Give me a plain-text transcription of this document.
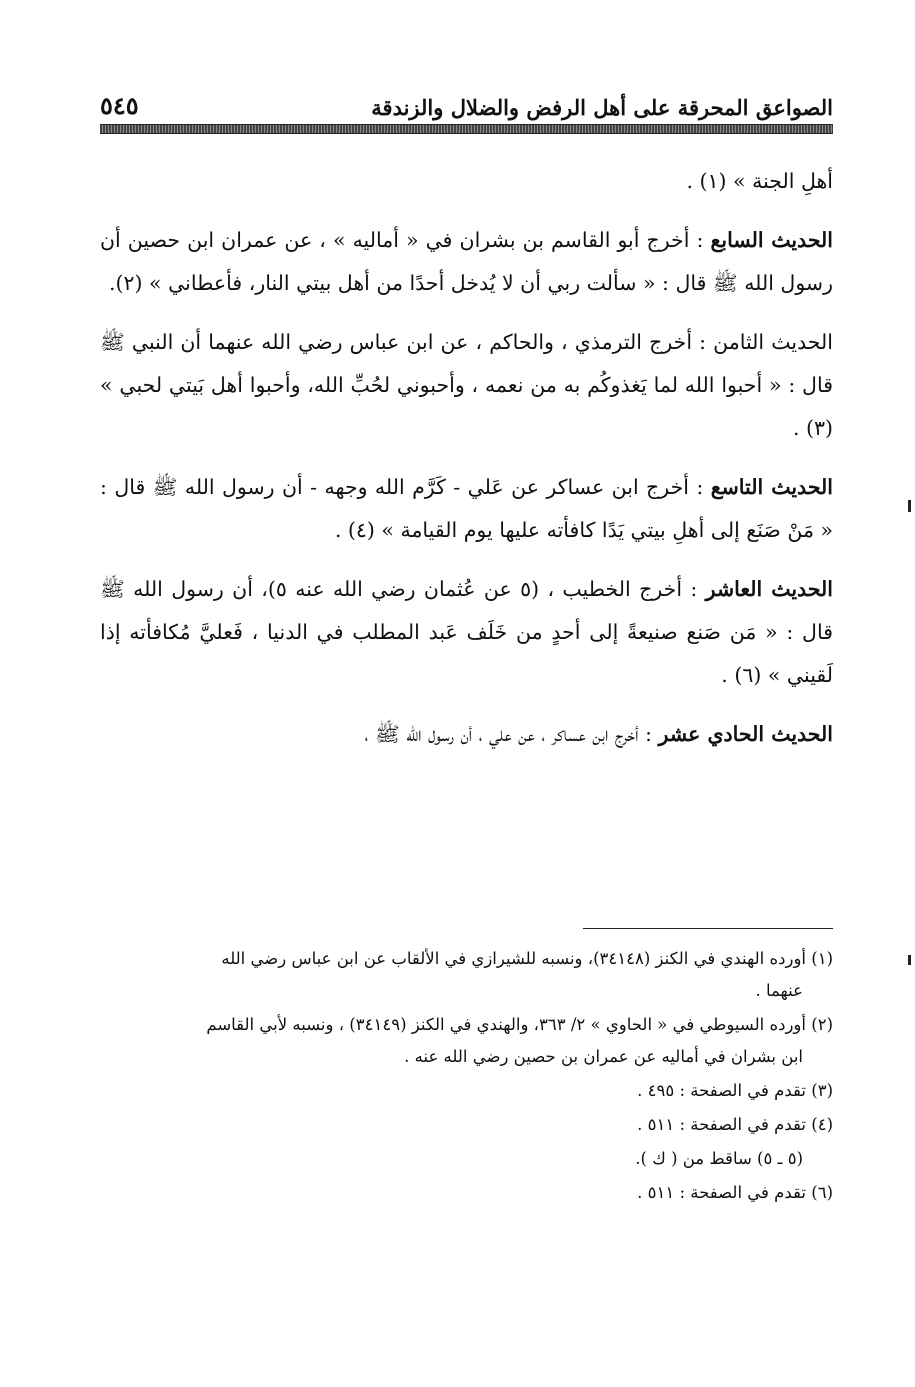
الصواعق المحرقة على أهل الرفض والضلال والزندقة
٥٤٥

أهلِ الجنة » (١) .

الحديث السابع : أخرج أبو القاسم بن بشران في « أماليه » ، عن عمران ابن حصين أن رسول الله ﷺ قال : « سألت ربي أن لا يُدخل أحدًا من أهل بيتي النار، فأعطاني » (٢).

الحديث الثامن : أخرج الترمذي ، والحاكم ، عن ابن عباس رضي الله عنهما أن النبي ﷺ قال : « أحبوا الله لما يَغذوكُم به من نعمه ، وأحبوني لحُبِّ الله، وأحبوا أهل بَيتي لحبي » (٣) .

الحديث التاسع : أخرج ابن عساكر عن عَلي - كَرَّم الله وجهه - أن رسول الله ﷺ قال : « مَنْ صَنَع إلى أهلِ بيتي يَدًا كافأته عليها يوم القيامة » (٤) .

الحديث العاشر : أخرج الخطيب ، (٥ عن عُثمان رضي الله عنه ٥)، أن رسول الله ﷺ قال : « مَن صَنع صنيعةً إلى أحدٍ من خَلَف عَبد المطلب في الدنيا ، فَعليَّ مُكافأته إذا لَقيني » (٦) .

الحديث الحادي عشر : أخرج ابن عساكر ، عن علي ، أن رسول الله ﷺ ،

(١) أورده الهندي في الكنز (٣٤١٤٨)، ونسبه للشيرازي في الألقاب عن ابن عباس رضي الله
عنهما .
(٢) أورده السيوطي في « الحاوي » ٢/ ٣٦٣، والهندي في الكنز (٣٤١٤٩) ، ونسبه لأبي القاسم
ابن بشران في أماليه عن عمران بن حصين رضي الله عنه .
(٣) تقدم في الصفحة : ٤٩٥ .
(٤) تقدم في الصفحة : ٥١١ .
(٥ ـ ٥) ساقط من ( ك ).
(٦) تقدم في الصفحة : ٥١١ .
